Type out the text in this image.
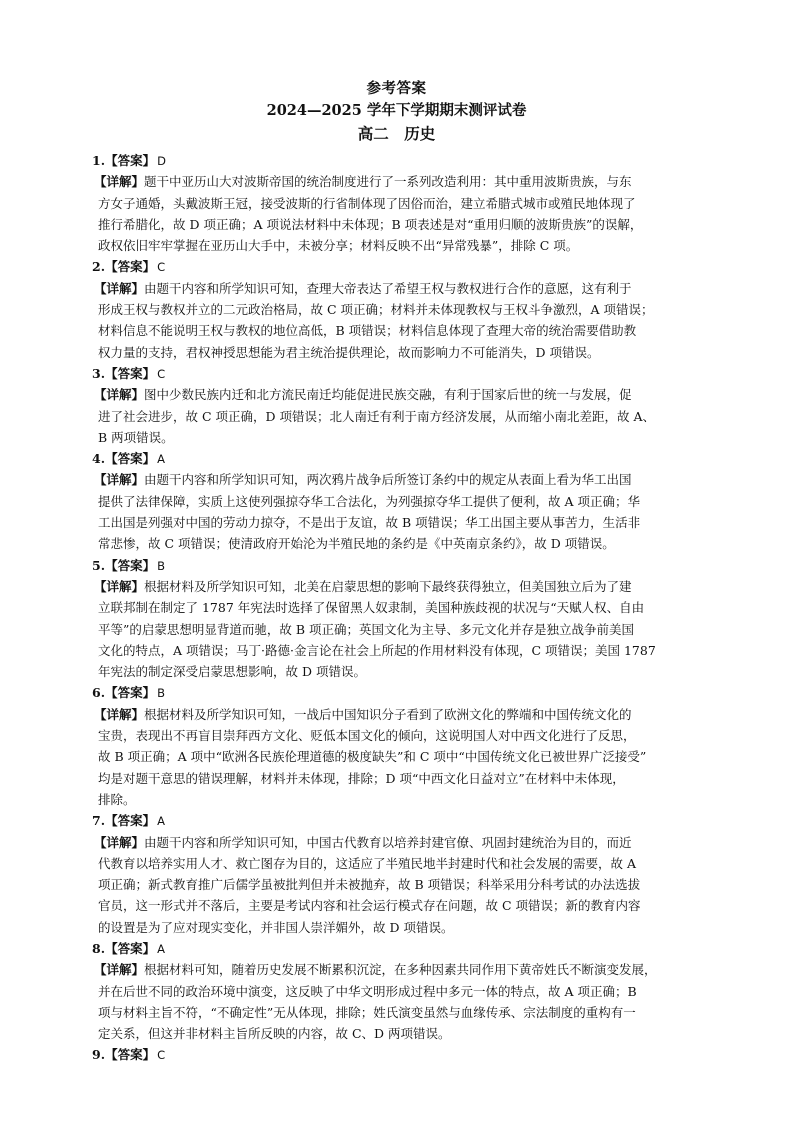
参考答案
2024—2025 学年下学期期末测评试卷
高二　历史
1.【答案】 D
【详解】题干中亚历山大对波斯帝国的统治制度进行了一系列改造利用：其中重用波斯贵族，与东
方女子通婚，头戴波斯王冠，接受波斯的行省制体现了因俗而治，建立希腊式城市或殖民地体现了
推行希腊化，故 D 项正确；A 项说法材料中未体现；B 项表述是对“重用归顺的波斯贵族”的误解，
政权依旧牢牢掌握在亚历山大手中，未被分享；材料反映不出“异常残暴”，排除 C 项。
2.【答案】 C
【详解】由题干内容和所学知识可知，查理大帝表达了希望王权与教权进行合作的意愿，这有利于
形成王权与教权并立的二元政治格局，故 C 项正确；材料并未体现教权与王权斗争激烈，A 项错误；
材料信息不能说明王权与教权的地位高低，B 项错误；材料信息体现了查理大帝的统治需要借助教
权力量的支持，君权神授思想能为君主统治提供理论，故而影响力不可能消失，D 项错误。
3.【答案】 C
【详解】图中少数民族内迁和北方流民南迁均能促进民族交融，有利于国家后世的统一与发展，促
进了社会进步，故 C 项正确，D 项错误；北人南迁有利于南方经济发展，从而缩小南北差距，故 A、
B 两项错误。
4.【答案】 A
【详解】由题干内容和所学知识可知，两次鸦片战争后所签订条约中的规定从表面上看为华工出国
提供了法律保障，实质上这使列强掠夺华工合法化，为列强掠夺华工提供了便利，故 A 项正确；华
工出国是列强对中国的劳动力掠夺，不是出于友谊，故 B 项错误；华工出国主要从事苦力，生活非
常悲惨，故 C 项错误；使清政府开始沦为半殖民地的条约是《中英南京条约》，故 D 项错误。
5.【答案】 B
【详解】根据材料及所学知识可知，北美在启蒙思想的影响下最终获得独立，但美国独立后为了建
立联邦制在制定了 1787 年宪法时选择了保留黑人奴隶制，美国种族歧视的状况与“天赋人权、自由
平等”的启蒙思想明显背道而驰，故 B 项正确；英国文化为主导、多元文化并存是独立战争前美国
文化的特点，A 项错误；马丁·路德·金言论在社会上所起的作用材料没有体现，C 项错误；美国 1787
年宪法的制定深受启蒙思想影响，故 D 项错误。
6.【答案】 B
【详解】根据材料及所学知识可知，一战后中国知识分子看到了欧洲文化的弊端和中国传统文化的
宝贵，表现出不再盲目崇拜西方文化、贬低本国文化的倾向，这说明国人对中西文化进行了反思，
故 B 项正确；A 项中“欧洲各民族伦理道德的极度缺失”和 C 项中“中国传统文化已被世界广泛接受”
均是对题干意思的错误理解，材料并未体现，排除；D 项“中西文化日益对立”在材料中未体现，
排除。
7.【答案】 A
【详解】由题干内容和所学知识可知，中国古代教育以培养封建官僚、巩固封建统治为目的，而近
代教育以培养实用人才、救亡图存为目的，这适应了半殖民地半封建时代和社会发展的需要，故 A
项正确；新式教育推广后儒学虽被批判但并未被抛弃，故 B 项错误；科举采用分科考试的办法选拔
官员，这一形式并不落后，主要是考试内容和社会运行模式存在问题，故 C 项错误；新的教育内容
的设置是为了应对现实变化，并非国人崇洋媚外，故 D 项错误。
8.【答案】 A
【详解】根据材料可知，随着历史发展不断累积沉淀，在多种因素共同作用下黄帝姓氏不断演变发展，
并在后世不同的政治环境中演变，这反映了中华文明形成过程中多元一体的特点，故 A 项正确；B
项与材料主旨不符，“不确定性”无从体现，排除；姓氏演变虽然与血缘传承、宗法制度的重构有一
定关系，但这并非材料主旨所反映的内容，故 C、D 两项错误。
9.【答案】 C
